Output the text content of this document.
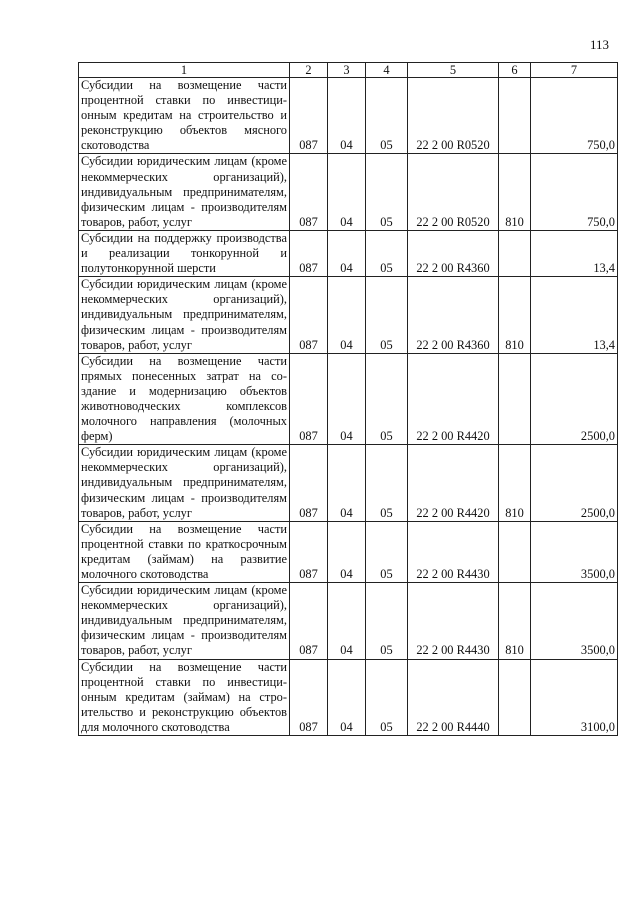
113
1	2	3	4	5	6	7
Субсидии на возмещение части процентной ставки по инвестиционным кредитам на строительство и реконструкцию объектов мясного скотоводства	087	04	05	22 2 00 R0520		750,0
Субсидии юридическим лицам (кроме некоммерческих организаций), индивидуальным предпринимателям, физическим лицам - производителям товаров, работ, услуг	087	04	05	22 2 00 R0520	810	750,0
Субсидии на поддержку производства и реализации тонкорунной и полутонкорунной шерсти	087	04	05	22 2 00 R4360		13,4
Субсидии юридическим лицам (кроме некоммерческих организаций), индивидуальным предпринимателям, физическим лицам - производителям товаров, работ, услуг	087	04	05	22 2 00 R4360	810	13,4
Субсидии на возмещение части прямых понесенных затрат на создание и модернизацию объектов животноводческих комплексов молочного направления (молочных ферм)	087	04	05	22 2 00 R4420		2500,0
Субсидии юридическим лицам (кроме некоммерческих организаций), индивидуальным предпринимателям, физическим лицам - производителям товаров, работ, услуг	087	04	05	22 2 00 R4420	810	2500,0
Субсидии на возмещение части процентной ставки по краткосрочным кредитам (займам) на развитие молочного скотоводства	087	04	05	22 2 00 R4430		3500,0
Субсидии юридическим лицам (кроме некоммерческих организаций), индивидуальным предпринимателям, физическим лицам - производителям товаров, работ, услуг	087	04	05	22 2 00 R4430	810	3500,0
Субсидии на возмещение части процентной ставки по инвестиционным кредитам (займам) на строительство и реконструкцию объектов для молочного скотоводства	087	04	05	22 2 00 R4440		3100,0
